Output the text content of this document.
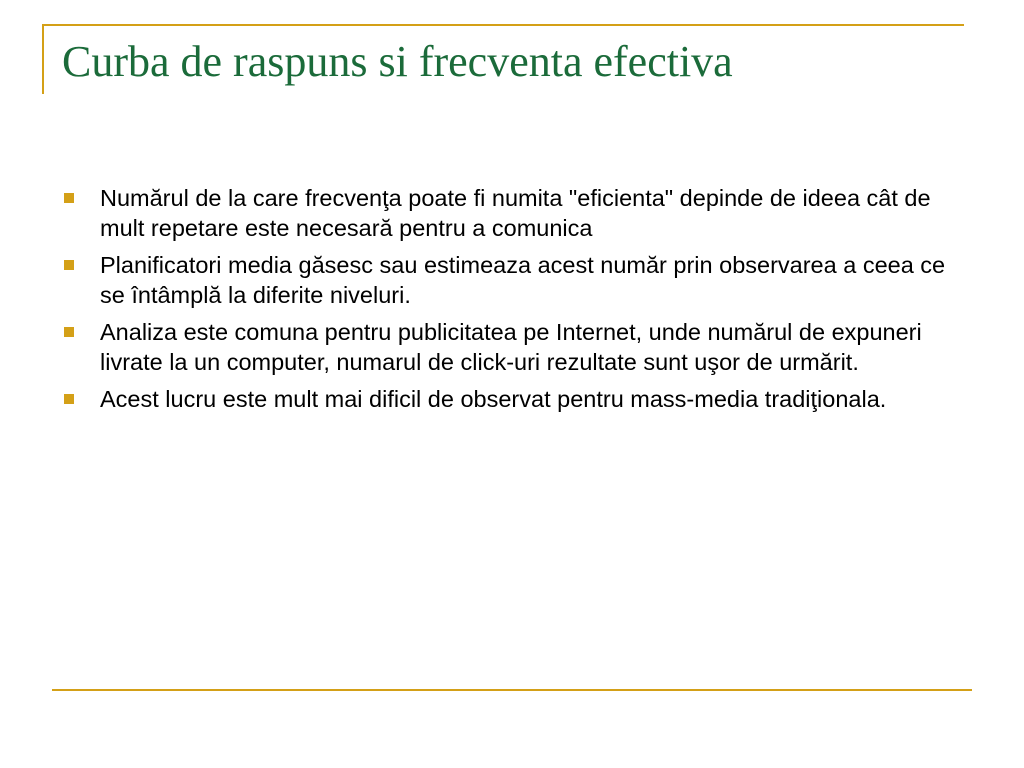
Curba de raspuns si frecventa efectiva
Numărul de la care frecvenţa poate fi numita "eficienta" depinde de ideea cât de mult repetare este necesară pentru a comunica
Planificatori media găsesc sau estimeaza acest număr prin observarea a ceea ce se întâmplă la diferite niveluri.
Analiza este comuna pentru publicitatea pe Internet, unde numărul de expuneri livrate la un computer, numarul de click-uri rezultate sunt uşor de urmărit.
Acest lucru este mult mai dificil de observat pentru mass-media tradiţionala.
